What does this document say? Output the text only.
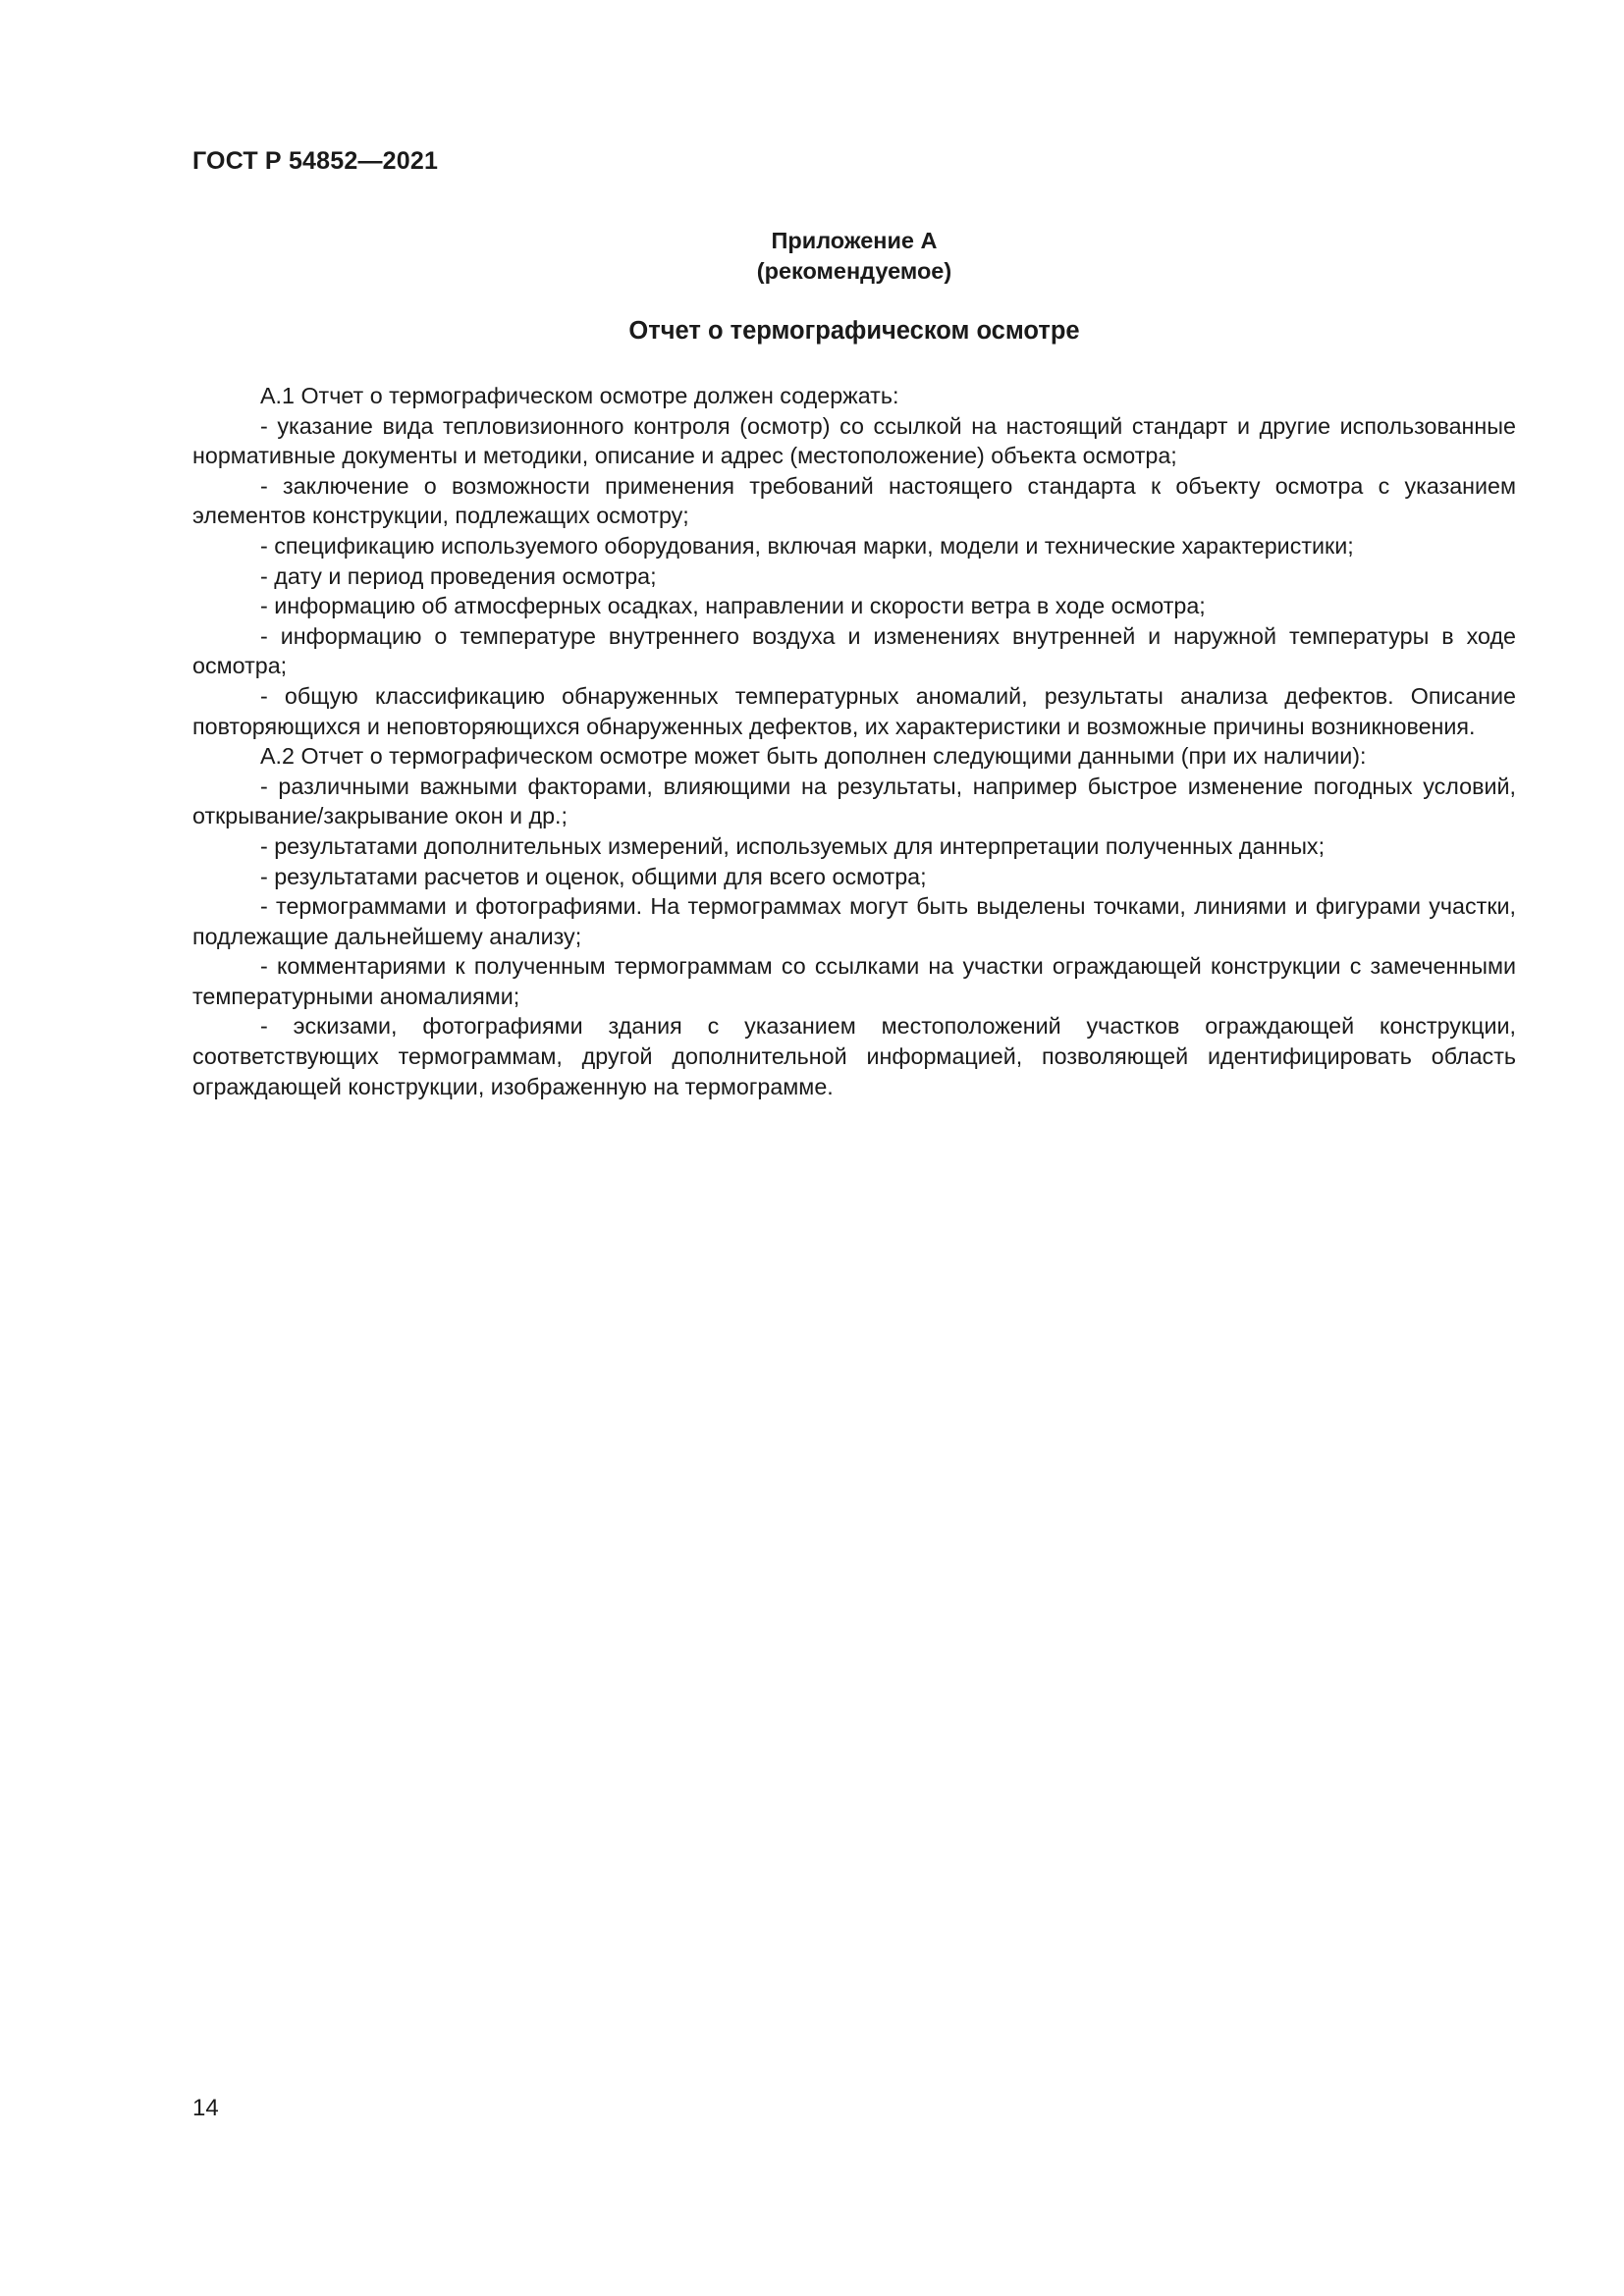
ГОСТ Р 54852—2021
Приложение А
(рекомендуемое)
Отчет о термографическом осмотре

А.1 Отчет о термографическом осмотре должен содержать:

- указание вида тепловизионного контроля (осмотр) со ссылкой на настоящий стандарт и другие использованные нормативные документы и методики, описание и адрес (местоположение) объекта осмотра;

- заключение о возможности применения требований настоящего стандарта к объекту осмотра с указанием элементов конструкции, подлежащих осмотру;

- спецификацию используемого оборудования, включая марки, модели и технические характеристики;

- дату и период проведения осмотра;

- информацию об атмосферных осадках, направлении и скорости ветра в ходе осмотра;

- информацию о температуре внутреннего воздуха и изменениях внутренней и наружной температуры в ходе осмотра;

- общую классификацию обнаруженных температурных аномалий, результаты анализа дефектов. Описание повторяющихся и неповторяющихся обнаруженных дефектов, их характеристики и возможные причины возникновения.

А.2 Отчет о термографическом осмотре может быть дополнен следующими данными (при их наличии):

- различными важными факторами, влияющими на результаты, например быстрое изменение погодных условий, открывание/закрывание окон и др.;

- результатами дополнительных измерений, используемых для интерпретации полученных данных;

- результатами расчетов и оценок, общими для всего осмотра;

- термограммами и фотографиями. На термограммах могут быть выделены точками, линиями и фигурами участки, подлежащие дальнейшему анализу;

- комментариями к полученным термограммам со ссылками на участки ограждающей конструкции с замеченными температурными аномалиями;

- эскизами, фотографиями здания с указанием местоположений участков ограждающей конструкции, соответствующих термограммам, другой дополнительной информацией, позволяющей идентифицировать область ограждающей конструкции, изображенную на термограмме.

14
